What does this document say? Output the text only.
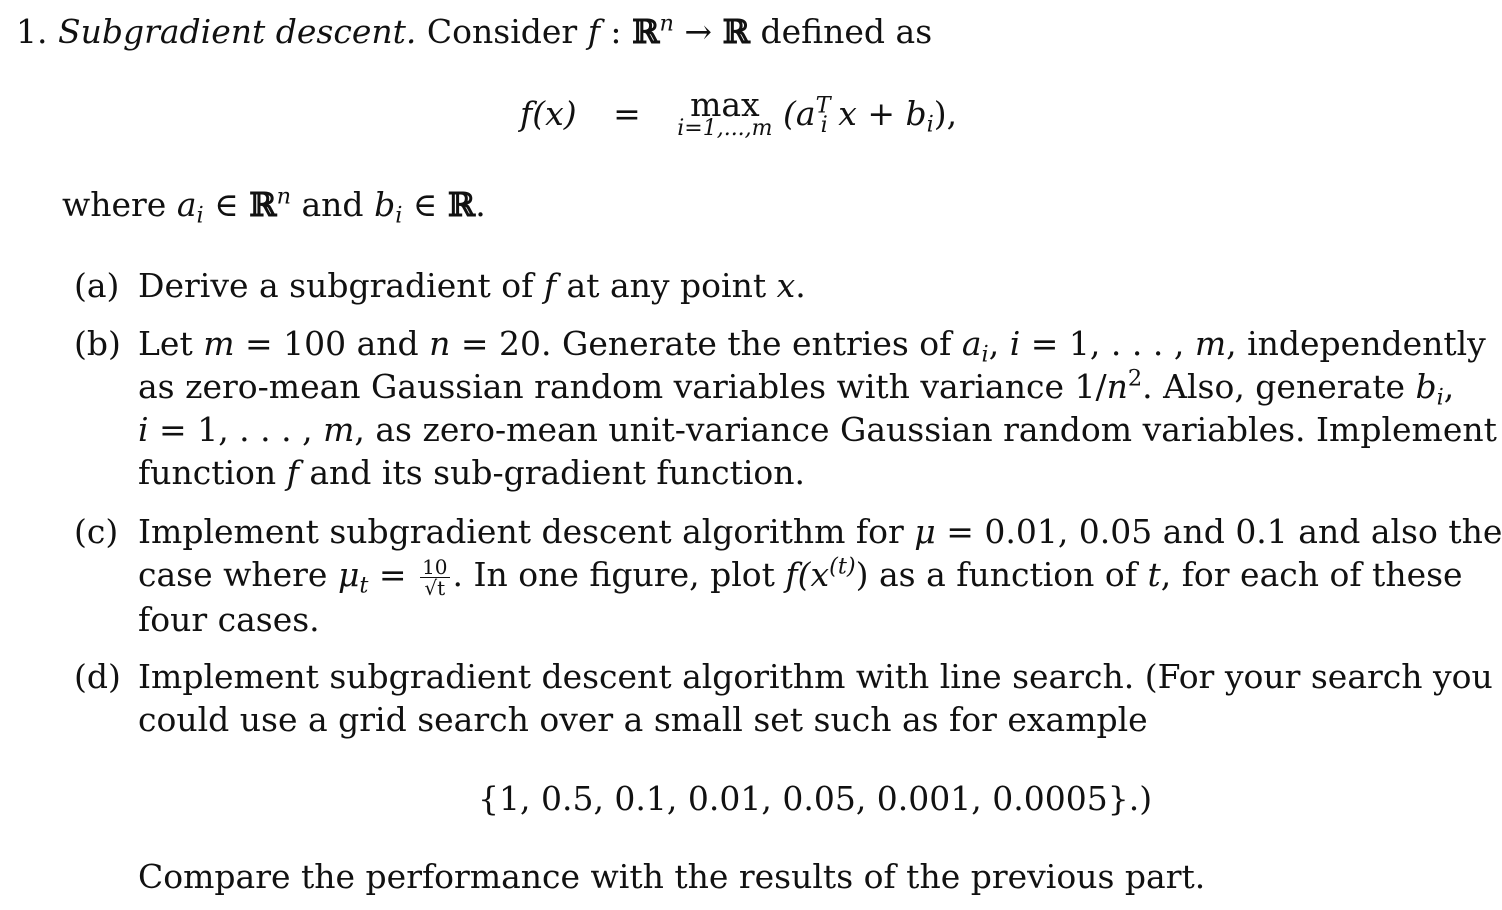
1. Subgradient descent. Consider f : ℝ$^n$ → ℝ defined as
f(x) = max
i=1,...,m ($a^T_i$ $x + b_i$),
where $a_i$ ∈ ℝ$^n$ and $b_i$ ∈ ℝ.
(a) Derive a subgradient of f at any point x.
(b) Let m = 100 and n = 20. Generate the entries of $a_i$, i = 1, . . . , m, independently
as zero-mean Gaussian random variables with variance $1/n^2$. Also, generate $b_i$,
i = 1, . . . , m, as zero-mean unit-variance Gaussian random variables. Implement
function f and its sub-gradient function.
(c) Implement subgradient descent algorithm for μ = 0.01, 0.05 and 0.1 and also the
case where $\mu_t = \frac{10}{√t}$ . In one figure, plot $f(x^{(t)})$ as a function of t, for each of these
four cases.
(d) Implement subgradient descent algorithm with line search. (For your search you
could use a grid search over a small set such as for example
{1, 0.5, 0.1, 0.01, 0.05, 0.001, 0.0005}.)
Compare the performance with the results of the previous part.
